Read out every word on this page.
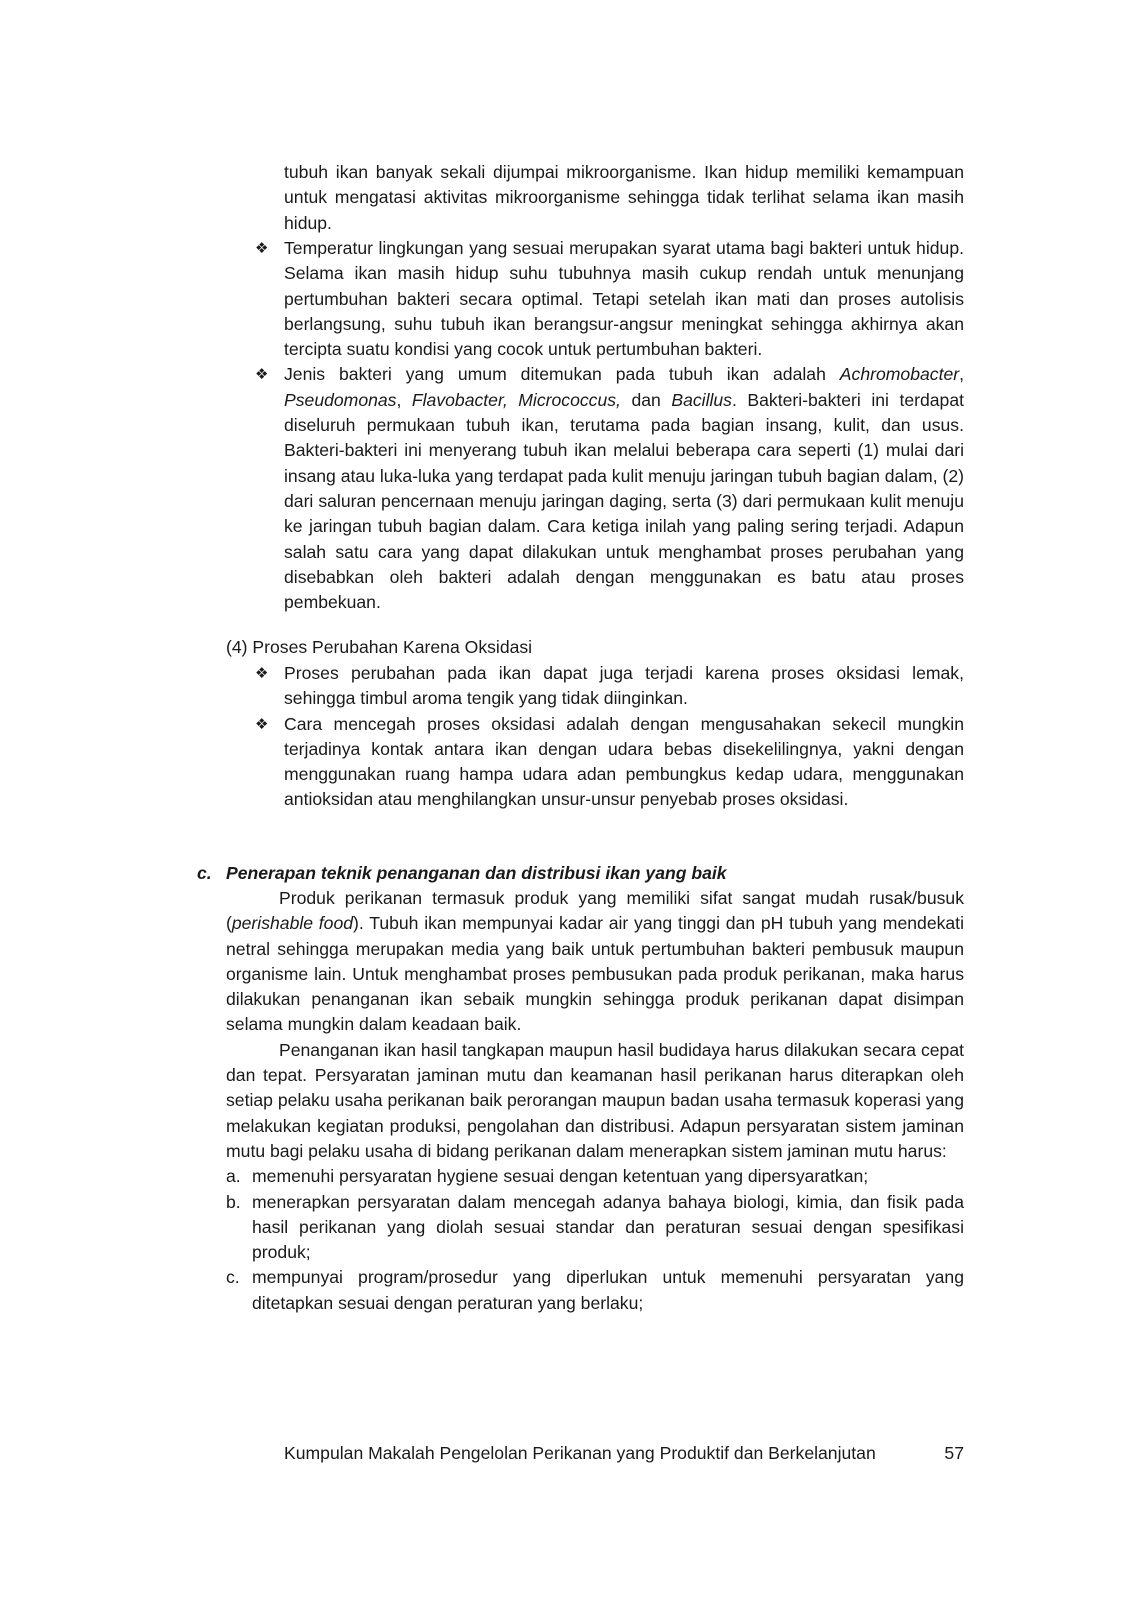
tubuh ikan banyak sekali dijumpai mikroorganisme. Ikan hidup memiliki kemampuan untuk mengatasi aktivitas mikroorganisme sehingga tidak terlihat selama ikan masih hidup.
❖ Temperatur lingkungan yang sesuai merupakan syarat utama bagi bakteri untuk hidup. Selama ikan masih hidup suhu tubuhnya masih cukup rendah untuk menunjang pertumbuhan bakteri secara optimal. Tetapi setelah ikan mati dan proses autolisis berlangsung, suhu tubuh ikan berangsur-angsur meningkat sehingga akhirnya akan tercipta suatu kondisi yang cocok untuk pertumbuhan bakteri.
❖ Jenis bakteri yang umum ditemukan pada tubuh ikan adalah Achromobacter, Pseudomonas, Flavobacter, Micrococcus, dan Bacillus. Bakteri-bakteri ini terdapat diseluruh permukaan tubuh ikan, terutama pada bagian insang, kulit, dan usus. Bakteri-bakteri ini menyerang tubuh ikan melalui beberapa cara seperti (1) mulai dari insang atau luka-luka yang terdapat pada kulit menuju jaringan tubuh bagian dalam, (2) dari saluran pencernaan menuju jaringan daging, serta (3) dari permukaan kulit menuju ke jaringan tubuh bagian dalam. Cara ketiga inilah yang paling sering terjadi. Adapun salah satu cara yang dapat dilakukan untuk menghambat proses perubahan yang disebabkan oleh bakteri adalah dengan menggunakan es batu atau proses pembekuan.
(4) Proses Perubahan Karena Oksidasi
❖ Proses perubahan pada ikan dapat juga terjadi karena proses oksidasi lemak, sehingga timbul aroma tengik yang tidak diinginkan.
❖ Cara mencegah proses oksidasi adalah dengan mengusahakan sekecil mungkin terjadinya kontak antara ikan dengan udara bebas disekelilingnya, yakni dengan menggunakan ruang hampa udara adan pembungkus kedap udara, menggunakan antioksidan atau menghilangkan unsur-unsur penyebab proses oksidasi.
c. Penerapan teknik penanganan dan distribusi ikan yang baik
Produk perikanan termasuk produk yang memiliki sifat sangat mudah rusak/busuk (perishable food). Tubuh ikan mempunyai kadar air yang tinggi dan pH tubuh yang mendekati netral sehingga merupakan media yang baik untuk pertumbuhan bakteri pembusuk maupun organisme lain. Untuk menghambat proses pembusukan pada produk perikanan, maka harus dilakukan penanganan ikan sebaik mungkin sehingga produk perikanan dapat disimpan selama mungkin dalam keadaan baik.
Penanganan ikan hasil tangkapan maupun hasil budidaya harus dilakukan secara cepat dan tepat. Persyaratan jaminan mutu dan keamanan hasil perikanan harus diterapkan oleh setiap pelaku usaha perikanan baik perorangan maupun badan usaha termasuk koperasi yang melakukan kegiatan produksi, pengolahan dan distribusi. Adapun persyaratan sistem jaminan mutu bagi pelaku usaha di bidang perikanan dalam menerapkan sistem jaminan mutu harus:
a. memenuhi persyaratan hygiene sesuai dengan ketentuan yang dipersyaratkan;
b. menerapkan persyaratan dalam mencegah adanya bahaya biologi, kimia, dan fisik pada hasil perikanan yang diolah sesuai standar dan peraturan sesuai dengan spesifikasi produk;
c. mempunyai program/prosedur yang diperlukan untuk memenuhi persyaratan yang ditetapkan sesuai dengan peraturan yang berlaku;
Kumpulan Makalah Pengelolan Perikanan yang Produktif dan Berkelanjutan	57
